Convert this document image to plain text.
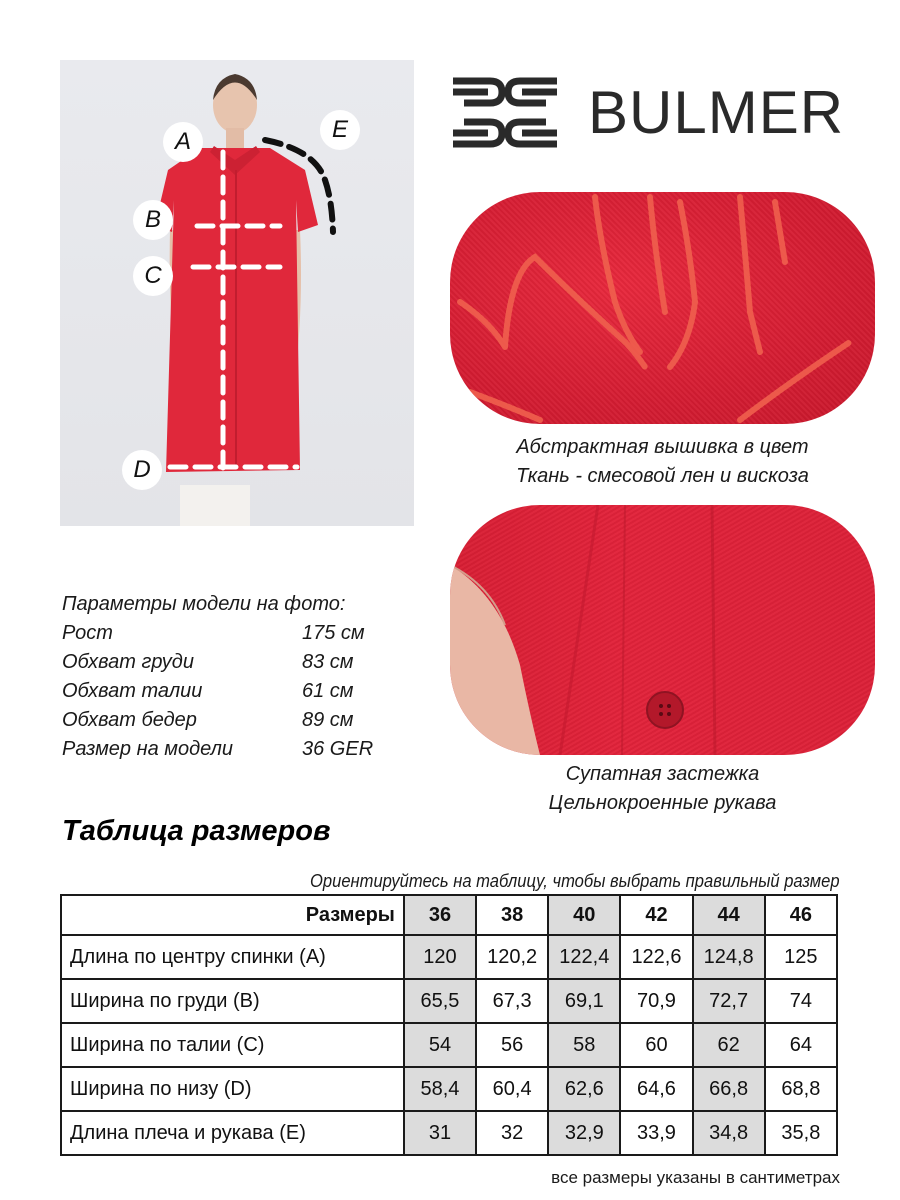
A	E
B
C
D
BULMER
Абстрактная вышивка в цвет
Ткань - смесовой лен и вискоза
Супатная застежка
Цельнокроенные рукава
Параметры модели на фото:
Рост	175 см
Обхват груди	83 см
Обхват талии	61 см
Обхват бедер	89 см
Размер на модели	36 GER
Таблица размеров
Ориентируйтесь на таблицу, чтобы выбрать правильный размер
Размеры	36	38	40	42	44	46
Длина по центру спинки (A)	120	120,2	122,4	122,6	124,8	125
Ширина по груди (B)	65,5	67,3	69,1	70,9	72,7	74
Ширина по талии (C)	54	56	58	60	62	64
Ширина по низу (D)	58,4	60,4	62,6	64,6	66,8	68,8
Длина плеча и рукава (E)	31	32	32,9	33,9	34,8	35,8
все размеры указаны в сантиметрах
